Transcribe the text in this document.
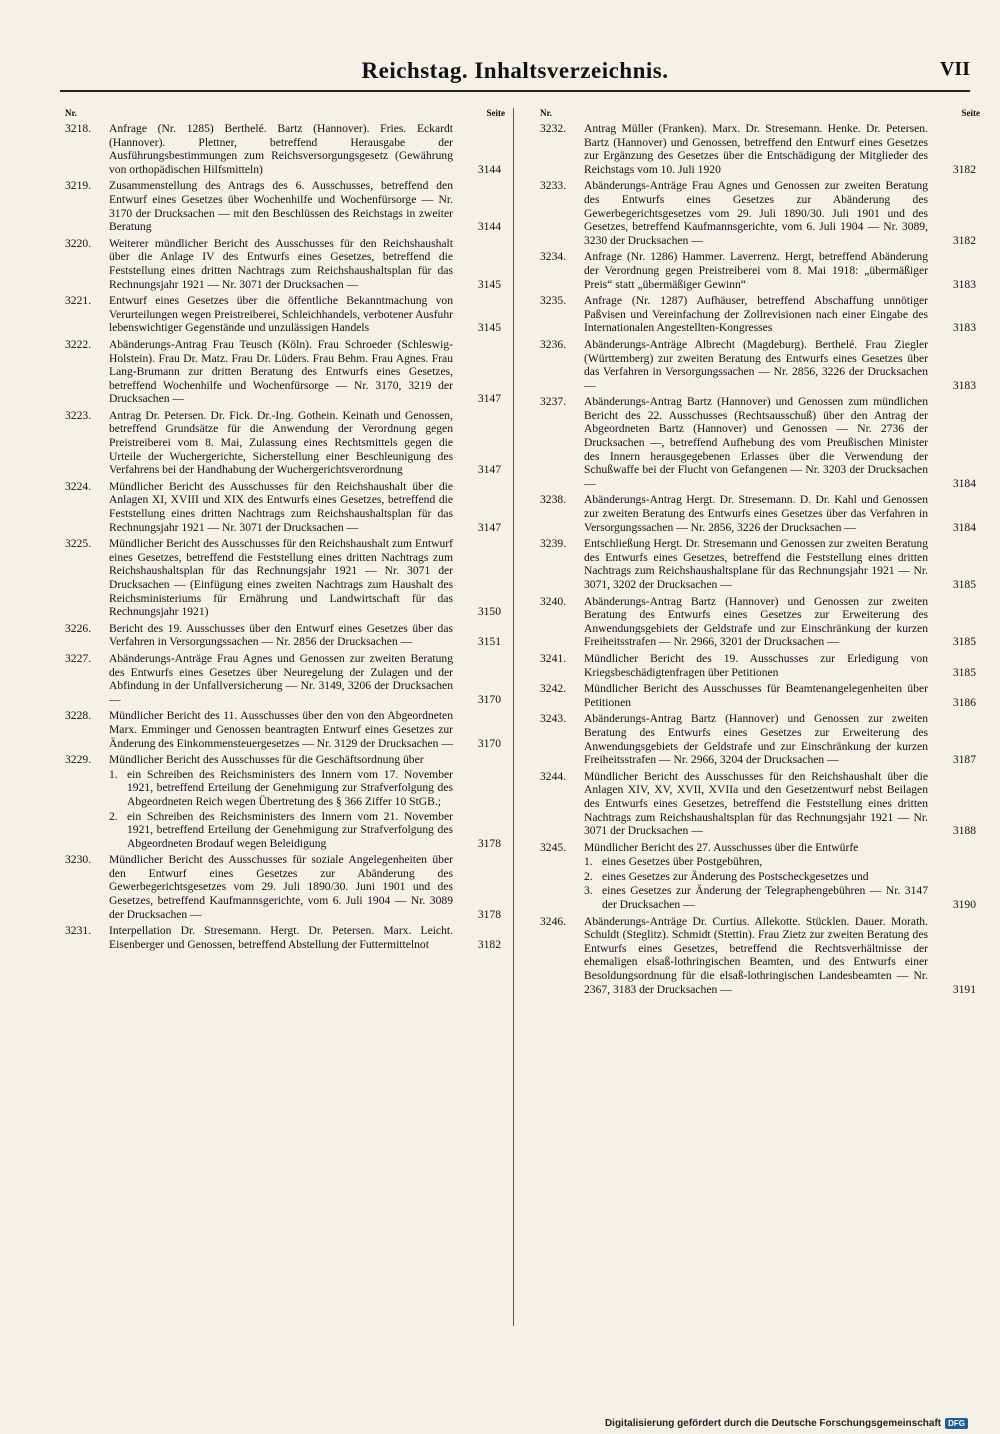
Reichstag. Inhaltsverzeichnis.	VII
Nr.	Seite
3218.	Anfrage (Nr. 1285) Berthelé. Bartz (Hannover). Fries. Eckardt (Hannover). Plettner, betreffend Herausgabe der Ausführungsbestimmungen zum Reichsversorgungsgesetz (Gewährung von orthopädischen Hilfsmitteln)	3144
3219.	Zusammenstellung des Antrags des 6. Ausschusses, betreffend den Entwurf eines Gesetzes über Wochenhilfe und Wochenfürsorge — Nr. 3170 der Drucksachen — mit den Beschlüssen des Reichstags in zweiter Beratung	3144
3220.	Weiterer mündlicher Bericht des Ausschusses für den Reichshaushalt über die Anlage IV des Entwurfs eines Gesetzes, betreffend die Feststellung eines dritten Nachtrags zum Reichshaushaltsplan für das Rechnungsjahr 1921 — Nr. 3071 der Drucksachen —	3145
3221.	Entwurf eines Gesetzes über die öffentliche Bekanntmachung von Verurteilungen wegen Preistreiberei, Schleichhandels, verbotener Ausfuhr lebenswichtiger Gegenstände und unzulässigen Handels	3145
3222.	Abänderungs-Antrag Frau Teusch (Köln). Frau Schroeder (Schleswig-Holstein). Frau Dr. Matz. Frau Dr. Lüders. Frau Behm. Frau Agnes. Frau Lang-Brumann zur dritten Beratung des Entwurfs eines Gesetzes, betreffend Wochenhilfe und Wochenfürsorge — Nr. 3170, 3219 der Drucksachen —	3147
3223.	Antrag Dr. Petersen. Dr. Fick. Dr.-Ing. Gothein. Keinath und Genossen, betreffend Grundsätze für die Anwendung der Verordnung gegen Preistreiberei vom 8. Mai, Zulassung eines Rechtsmittels gegen die Urteile der Wuchergerichte, Sicherstellung einer Beschleunigung des Verfahrens bei der Handhabung der Wuchergerichtsverordnung	3147
3224.	Mündlicher Bericht des Ausschusses für den Reichshaushalt über die Anlagen XI, XVIII und XIX des Entwurfs eines Gesetzes, betreffend die Feststellung eines dritten Nachtrags zum Reichshaushaltsplan für das Rechnungsjahr 1921 — Nr. 3071 der Drucksachen —	3147
3225.	Mündlicher Bericht des Ausschusses für den Reichshaushalt zum Entwurf eines Gesetzes, betreffend die Feststellung eines dritten Nachtrags zum Reichshaushaltsplan für das Rechnungsjahr 1921 — Nr. 3071 der Drucksachen — (Einfügung eines zweiten Nachtrags zum Haushalt des Reichsministeriums für Ernährung und Landwirtschaft für das Rechnungsjahr 1921)	3150
3226.	Bericht des 19. Ausschusses über den Entwurf eines Gesetzes über das Verfahren in Versorgungssachen — Nr. 2856 der Drucksachen —	3151
3227.	Abänderungs-Anträge Frau Agnes und Genossen zur zweiten Beratung des Entwurfs eines Gesetzes über Neuregelung der Zulagen und der Abfindung in der Unfallversicherung — Nr. 3149, 3206 der Drucksachen —	3170
3228.	Mündlicher Bericht des 11. Ausschusses über den von den Abgeordneten Marx. Emminger und Genossen beantragten Entwurf eines Gesetzes zur Änderung des Einkommensteuergesetzes — Nr. 3129 der Drucksachen —	3170
3229.	Mündlicher Bericht des Ausschusses für die Geschäftsordnung über
1. ein Schreiben des Reichsministers des Innern vom 17. November 1921, betreffend Erteilung der Genehmigung zur Strafverfolgung des Abgeordneten Reich wegen Übertretung des § 366 Ziffer 10 StGB.;
2. ein Schreiben des Reichsministers des Innern vom 21. November 1921, betreffend Erteilung der Genehmigung zur Strafverfolgung des Abgeordneten Brodauf wegen Beleidigung	3178
3230.	Mündlicher Bericht des Ausschusses für soziale Angelegenheiten über den Entwurf eines Gesetzes zur Abänderung des Gewerbegerichtsgesetzes vom 29. Juli 1890/30. Juni 1901 und des Gesetzes, betreffend Kaufmannsgerichte, vom 6. Juli 1904 — Nr. 3089 der Drucksachen —	3178
3231.	Interpellation Dr. Stresemann. Hergt. Dr. Petersen. Marx. Leicht. Eisenberger und Genossen, betreffend Abstellung der Futtermittelnot	3182
Nr.	Seite
3232.	Antrag Müller (Franken). Marx. Dr. Stresemann. Henke. Dr. Petersen. Bartz (Hannover) und Genossen, betreffend den Entwurf eines Gesetzes zur Ergänzung des Gesetzes über die Entschädigung der Mitglieder des Reichstags vom 10. Juli 1920	3182
3233.	Abänderungs-Anträge Frau Agnes und Genossen zur zweiten Beratung des Entwurfs eines Gesetzes zur Abänderung des Gewerbegerichtsgesetzes vom 29. Juli 1890/30. Juli 1901 und des Gesetzes, betreffend Kaufmannsgerichte, vom 6. Juli 1904 — Nr. 3089, 3230 der Drucksachen —	3182
3234.	Anfrage (Nr. 1286) Hammer. Laverrenz. Hergt, betreffend Abänderung der Verordnung gegen Preistreiberei vom 8. Mai 1918: „übermäßiger Preis“ statt „übermäßiger Gewinn“	3183
3235.	Anfrage (Nr. 1287) Aufhäuser, betreffend Abschaffung unnötiger Paßvisen und Vereinfachung der Zollrevisionen nach einer Eingabe des Internationalen Angestellten-Kongresses	3183
3236.	Abänderungs-Anträge Albrecht (Magdeburg). Berthelé. Frau Ziegler (Württemberg) zur zweiten Beratung des Entwurfs eines Gesetzes über das Verfahren in Versorgungssachen — Nr. 2856, 3226 der Drucksachen —	3183
3237.	Abänderungs-Antrag Bartz (Hannover) und Genossen zum mündlichen Bericht des 22. Ausschusses (Rechtsausschuß) über den Antrag der Abgeordneten Bartz (Hannover) und Genossen — Nr. 2736 der Drucksachen —, betreffend Aufhebung des vom Preußischen Minister des Innern herausgegebenen Erlasses über die Verwendung der Schußwaffe bei der Flucht von Gefangenen — Nr. 3203 der Drucksachen —	3184
3238.	Abänderungs-Antrag Hergt. Dr. Stresemann. D. Dr. Kahl und Genossen zur zweiten Beratung des Entwurfs eines Gesetzes über das Verfahren in Versorgungssachen — Nr. 2856, 3226 der Drucksachen —	3184
3239.	Entschließung Hergt. Dr. Stresemann und Genossen zur zweiten Beratung des Entwurfs eines Gesetzes, betreffend die Feststellung eines dritten Nachtrags zum Reichshaushaltsplane für das Rechnungsjahr 1921 — Nr. 3071, 3202 der Drucksachen —	3185
3240.	Abänderungs-Antrag Bartz (Hannover) und Genossen zur zweiten Beratung des Entwurfs eines Gesetzes zur Erweiterung des Anwendungsgebiets der Geldstrafe und zur Einschränkung der kurzen Freiheitsstrafen — Nr. 2966, 3201 der Drucksachen —	3185
3241.	Mündlicher Bericht des 19. Ausschusses zur Erledigung von Kriegsbeschädigtenfragen über Petitionen	3185
3242.	Mündlicher Bericht des Ausschusses für Beamtenangelegenheiten über Petitionen	3186
3243.	Abänderungs-Antrag Bartz (Hannover) und Genossen zur zweiten Beratung des Entwurfs eines Gesetzes zur Erweiterung des Anwendungsgebiets der Geldstrafe und zur Einschränkung der kurzen Freiheitsstrafen — Nr. 2966, 3204 der Drucksachen —	3187
3244.	Mündlicher Bericht des Ausschusses für den Reichshaushalt über die Anlagen XIV, XV, XVII, XVIIa und den Gesetzentwurf nebst Beilagen des Entwurfs eines Gesetzes, betreffend die Feststellung eines dritten Nachtrags zum Reichshaushaltsplan für das Rechnungsjahr 1921 — Nr. 3071 der Drucksachen —	3188
3245.	Mündlicher Bericht des 27. Ausschusses über die Entwürfe
1. eines Gesetzes über Postgebühren,
2. eines Gesetzes zur Änderung des Postscheckgesetzes und
3. eines Gesetzes zur Änderung der Telegraphengebühren — Nr. 3147 der Drucksachen —	3190
3246.	Abänderungs-Anträge Dr. Curtius. Allekotte. Stücklen. Dauer. Morath. Schuldt (Steglitz). Schmidt (Stettin). Frau Zietz zur zweiten Beratung des Entwurfs eines Gesetzes, betreffend die Rechtsverhältnisse der ehemaligen elsaß-lothringischen Beamten, und des Entwurfs einer Besoldungsordnung für die elsaß-lothringischen Landesbeamten — Nr. 2367, 3183 der Drucksachen —	3191
Digitalisierung gefördert durch die Deutsche Forschungsgemeinschaft DFG
